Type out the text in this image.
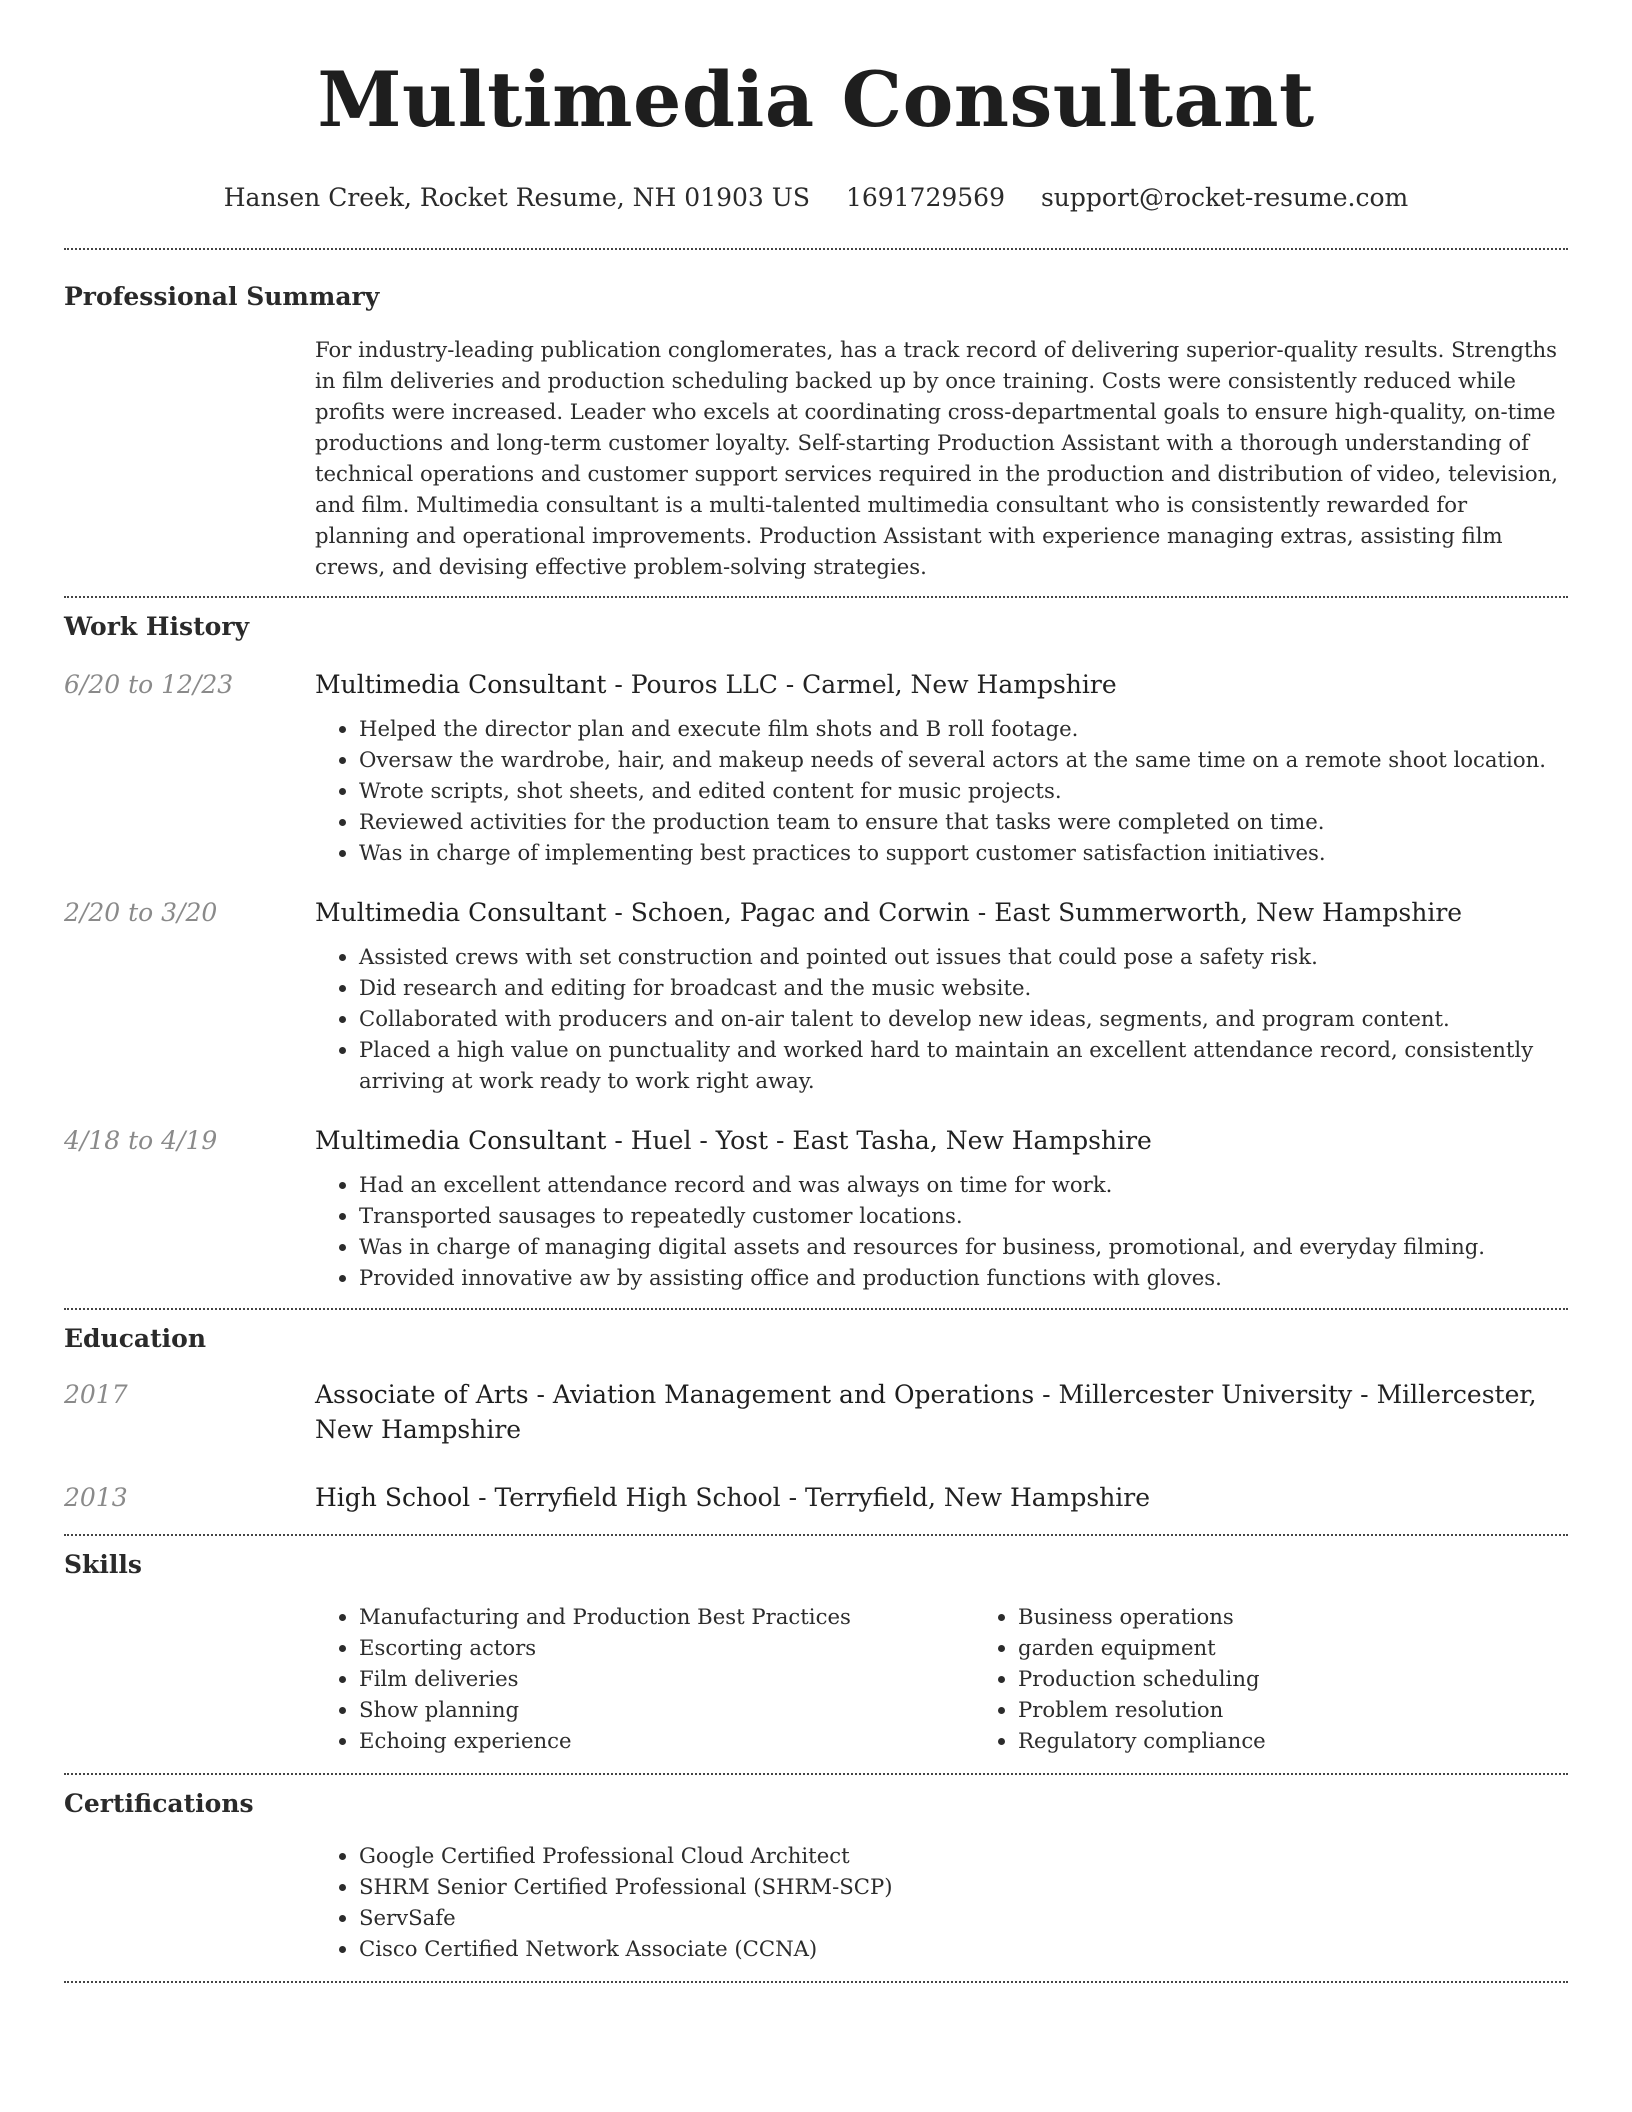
Multimedia Consultant
Hansen Creek, Rocket Resume, NH 01903 US 1691729569 support@rocket-resume.com
Professional Summary

For industry-leading publication conglomerates, has a track record of delivering superior-quality results. Strengths in film deliveries and production scheduling backed up by once training. Costs were consistently reduced while profits were increased. Leader who excels at coordinating cross-departmental goals to ensure high-quality, on-time productions and long-term customer loyalty. Self-starting Production Assistant with a thorough understanding of technical operations and customer support services required in the production and distribution of video, television, and film. Multimedia consultant is a multi-talented multimedia consultant who is consistently rewarded for planning and operational improvements. Production Assistant with experience managing extras, assisting film crews, and devising effective problem-solving strategies.

Work History
6/20 to 12/23	Multimedia Consultant - Pouros LLC - Carmel, New Hampshire
• Helped the director plan and execute film shots and B roll footage.
• Oversaw the wardrobe, hair, and makeup needs of several actors at the same time on a remote shoot location.
• Wrote scripts, shot sheets, and edited content for music projects.
• Reviewed activities for the production team to ensure that tasks were completed on time.
• Was in charge of implementing best practices to support customer satisfaction initiatives.
2/20 to 3/20	Multimedia Consultant - Schoen, Pagac and Corwin - East Summerworth, New Hampshire
• Assisted crews with set construction and pointed out issues that could pose a safety risk.
• Did research and editing for broadcast and the music website.
• Collaborated with producers and on-air talent to develop new ideas, segments, and program content.
• Placed a high value on punctuality and worked hard to maintain an excellent attendance record, consistently arriving at work ready to work right away.
4/18 to 4/19	Multimedia Consultant - Huel - Yost - East Tasha, New Hampshire
• Had an excellent attendance record and was always on time for work.
• Transported sausages to repeatedly customer locations.
• Was in charge of managing digital assets and resources for business, promotional, and everyday filming.
• Provided innovative aw by assisting office and production functions with gloves.
Education
2017	Associate of Arts - Aviation Management and Operations - Millercester University - Millercester, New Hampshire
2013	High School - Terryfield High School - Terryfield, New Hampshire
Skills
• Manufacturing and Production Best Practices
• Escorting actors
• Film deliveries
• Show planning
• Echoing experience
• Business operations
• garden equipment
• Production scheduling
• Problem resolution
• Regulatory compliance
Certifications
• Google Certified Professional Cloud Architect
• SHRM Senior Certified Professional (SHRM-SCP)
• ServSafe
• Cisco Certified Network Associate (CCNA)
